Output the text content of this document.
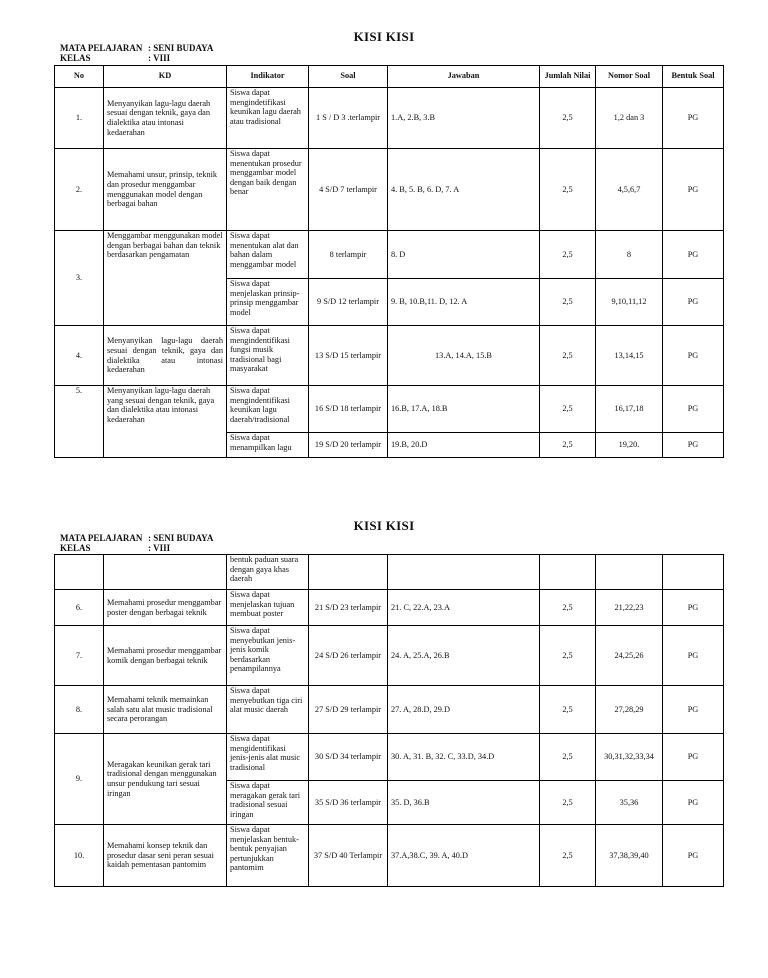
KISI KISI
MATA PELAJARAN : SENI BUDAYA
KELAS	: VIII
No	KD	Indikator	Soal	Jawaban	Jumlah Nilai	Nomor Soal	Bentuk Soal
1.	Menyanyikan lagu-lagu daerah sesuai dengan teknik, gaya dan dialektika atau intonasi kedaerahan	Siswa dapat mengindetifikasi keunikan lagu daerah atau tradisional	1 S / D 3 .terlampir	1.A, 2.B, 3.B	2,5	1,2 dan 3	PG
2.	Memahami unsur, prinsip, teknik dan prosedur menggambar menggunakan model dengan berbagai bahan	Siswa dapat menentukan prosedur menggambar model dengan baik dengan benar	4 S/D 7 terlampir	4. B, 5. B, 6. D, 7. A	2,5	4,5,6,7	PG
3.	Menggambar menggunakan model dengan berbagai bahan dan teknik berdasarkan pengamatan	Siswa dapat menentukan alat dan bahan dalam menggambar model	8 terlampir	8. D	2,5	8	PG
		Siswa dapat menjelaskan prinsip-prinsip menggambar model	9 S/D 12 terlampir	9. B, 10.B,11. D, 12. A	2,5	9,10,11,12	PG
4.	Menyanyikan lagu-lagu daerah sesuai dengan teknik, gaya dan dialektika atau intonasi kedaerahan	Siswa dapat mengindentifikasi fungsi musik tradisional bagi masyarakat	13 S/D 15 terlampir	13.A, 14.A, 15.B	2,5	13,14,15	PG
5.	Menyanyikan lagu-lagu daerah yang sesuai dengan teknik, gaya dan dialektika atau intonasi kedaerahan	Siswa dapat mengindentifikasi keunikan lagu daerah/tradisional	16 S/D 18 terlampir	16.B, 17.A, 18.B	2,5	16,17,18	PG
		Siswa dapat menampilkan lagu	19 S/D 20 terlampir	19.B, 20.D	2,5	19,20.	PG
KISI KISI
MATA PELAJARAN : SENI BUDAYA
KELAS	: VIII
		bentuk paduan suara dengan gaya khas daerah					
6.	Memahami prosedur menggambar poster dengan berbagai teknik	Siswa dapat menjelaskan tujuan membuat poster	21 S/D 23 terlampir	21. C, 22.A, 23.A	2,5	21,22,23	PG
7.	Memahami prosedur menggambar komik dengan berbagai teknik	Siswa dapat menyebutkan jenis-jenis komik berdasarkan penampilannya	24 S/D 26 terlampir	24. A, 25.A, 26.B	2,5	24,25,26	PG
8.	Memahami teknik memainkan salah satu alat music tradisional secara perorangan	Siswa dapat menyebutkan tiga ciri alat music daerah	27 S/D 29 terlampir	27. A, 28.D, 29.D	2,5	27,28,29	PG
9.	Meragakan keunikan gerak tari tradisional dengan menggunakan unsur pendukung tari sesuai iringan	Siswa dapat mengidentifikasi jenis-jenis alat music tradisional	30 S/D 34 terlampir	30. A, 31. B, 32. C, 33.D, 34.D	2,5	30,31,32,33,34	PG
		Siswa dapat meragakan gerak tari tradisional sesuai iringan	35 S/D 36 terlampir	35. D, 36.B	2,5	35,36	PG
10.	Memahami konsep teknik dan prosedur dasar seni peran sesuai kaidah pementasan pantomim	Siswa dapat menjelaskan bentuk-bentuk penyajian pertunjukkan pantomim	37 S/D 40 Terlampir	37.A,38.C, 39. A, 40.D	2,5	37,38,39,40	PG
